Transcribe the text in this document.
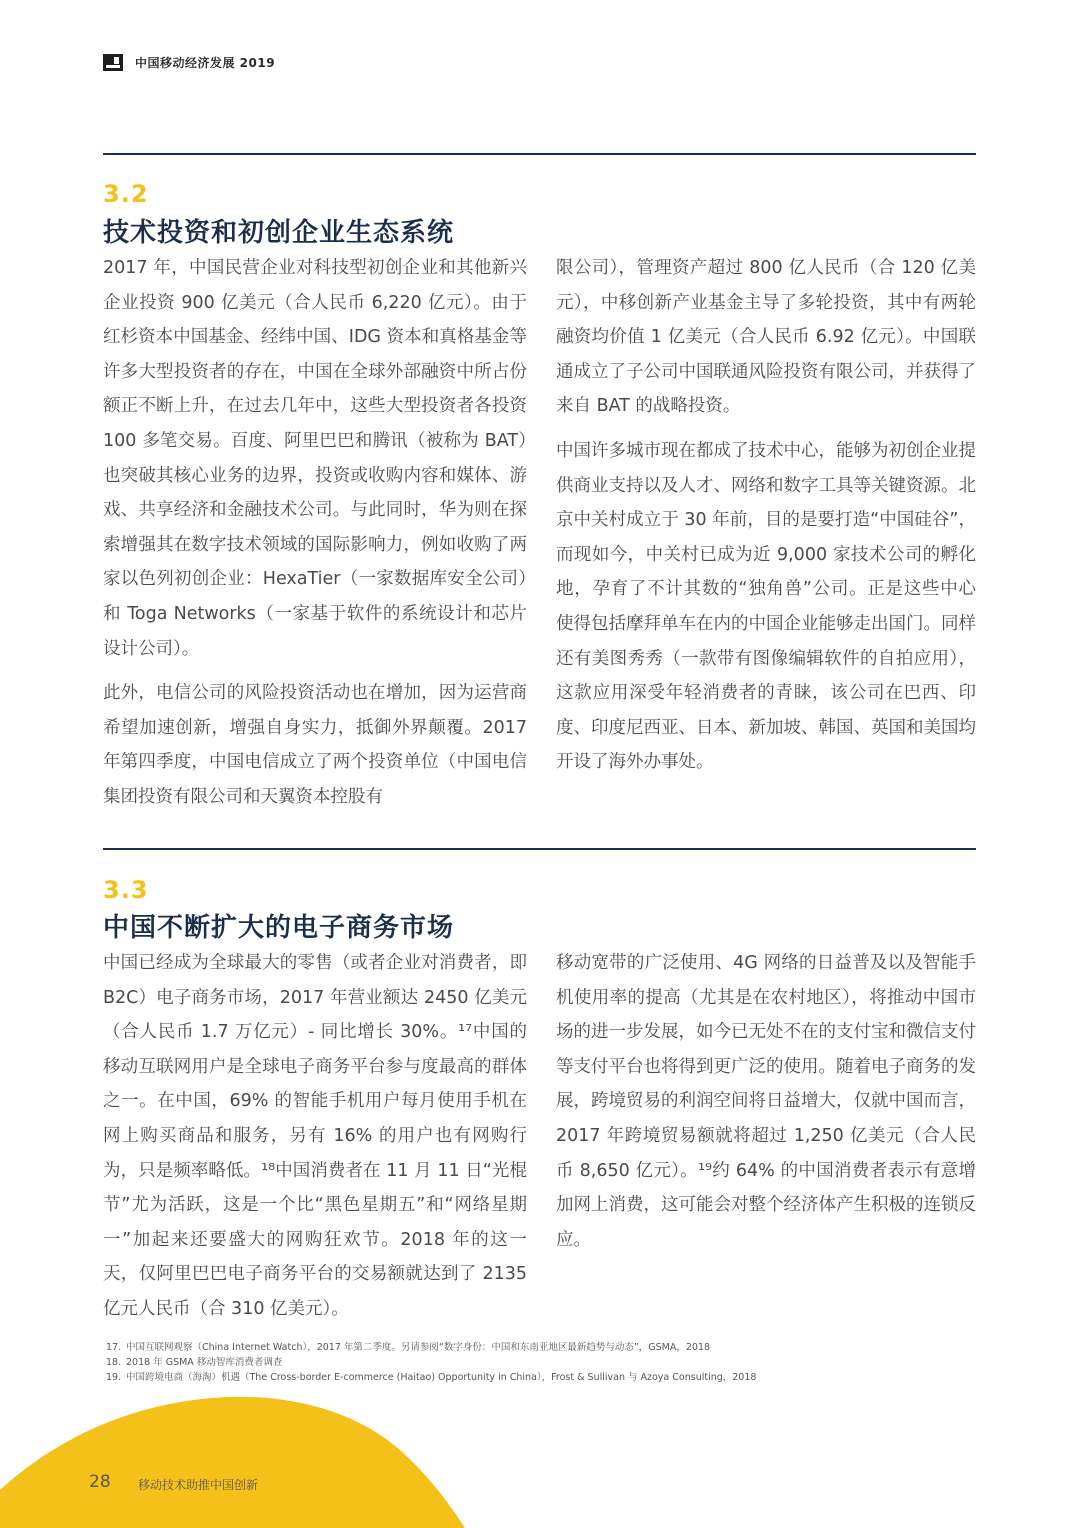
中国移动经济发展 2019
3.2
技术投资和初创企业生态系统

2017 年，中国民营企业对科技型初创企业和其他新兴企业投资 900 亿美元（合人民币 6,220 亿元）。由于红杉资本中国基金、经纬中国、IDG 资本和真格基金等许多大型投资者的存在，中国在全球外部融资中所占份额正不断上升，在过去几年中，这些大型投资者各投资 100 多笔交易。百度、阿里巴巴和腾讯（被称为 BAT）也突破其核心业务的边界，投资或收购内容和媒体、游戏、共享经济和金融技术公司。与此同时，华为则在探索增强其在数字技术领域的国际影响力，例如收购了两家以色列初创企业：HexaTier（一家数据库安全公司）和 Toga Networks（一家基于软件的系统设计和芯片设计公司）。

此外，电信公司的风险投资活动也在增加，因为运营商希望加速创新，增强自身实力，抵御外界颠覆。2017 年第四季度，中国电信成立了两个投资单位（中国电信集团投资有限公司和天翼资本控股有

限公司），管理资产超过 800 亿人民币（合 120 亿美元），中移创新产业基金主导了多轮投资，其中有两轮融资均价值 1 亿美元（合人民币 6.92 亿元）。中国联通成立了子公司中国联通风险投资有限公司，并获得了来自 BAT 的战略投资。

中国许多城市现在都成了技术中心，能够为初创企业提供商业支持以及人才、网络和数字工具等关键资源。北京中关村成立于 30 年前，目的是要打造“中国硅谷”，而现如今，中关村已成为近 9,000 家技术公司的孵化地，孕育了不计其数的“独角兽”公司。正是这些中心使得包括摩拜单车在内的中国企业能够走出国门。同样还有美图秀秀（一款带有图像编辑软件的自拍应用），这款应用深受年轻消费者的青睐，该公司在巴西、印度、印度尼西亚、日本、新加坡、韩国、英国和美国均开设了海外办事处。

3.3
中国不断扩大的电子商务市场

中国已经成为全球最大的零售（或者企业对消费者，即 B2C）电子商务市场，2017 年营业额达 2450 亿美元（合人民币 1.7 万亿元）- 同比增长 30%。¹⁷中国的移动互联网用户是全球电子商务平台参与度最高的群体之一。在中国，69% 的智能手机用户每月使用手机在网上购买商品和服务，另有 16% 的用户也有网购行为，只是频率略低。¹⁸中国消费者在 11 月 11 日“光棍节”尤为活跃，这是一个比“黑色星期五”和“网络星期一”加起来还要盛大的网购狂欢节。2018 年的这一天，仅阿里巴巴电子商务平台的交易额就达到了 2135 亿元人民币（合 310 亿美元）。

移动宽带的广泛使用、4G 网络的日益普及以及智能手机使用率的提高（尤其是在农村地区），将推动中国市场的进一步发展，如今已无处不在的支付宝和微信支付等支付平台也将得到更广泛的使用。随着电子商务的发展，跨境贸易的利润空间将日益增大，仅就中国而言，2017 年跨境贸易额就将超过 1,250 亿美元（合人民币 8,650 亿元）。¹⁹约 64% 的中国消费者表示有意增加网上消费，这可能会对整个经济体产生积极的连锁反应。

17. 中国互联网观察（China Internet Watch），2017 年第二季度。另请参阅“数字身份：中国和东南亚地区最新趋势与动态”，GSMA，2018
18. 2018 年 GSMA 移动智库消费者调查
19. 中国跨境电商（海淘）机遇（The Cross-border E-commerce (Haitao) Opportunity in China），Frost & Sullivan 与 Azoya Consulting，2018
28 移动技术助推中国创新
